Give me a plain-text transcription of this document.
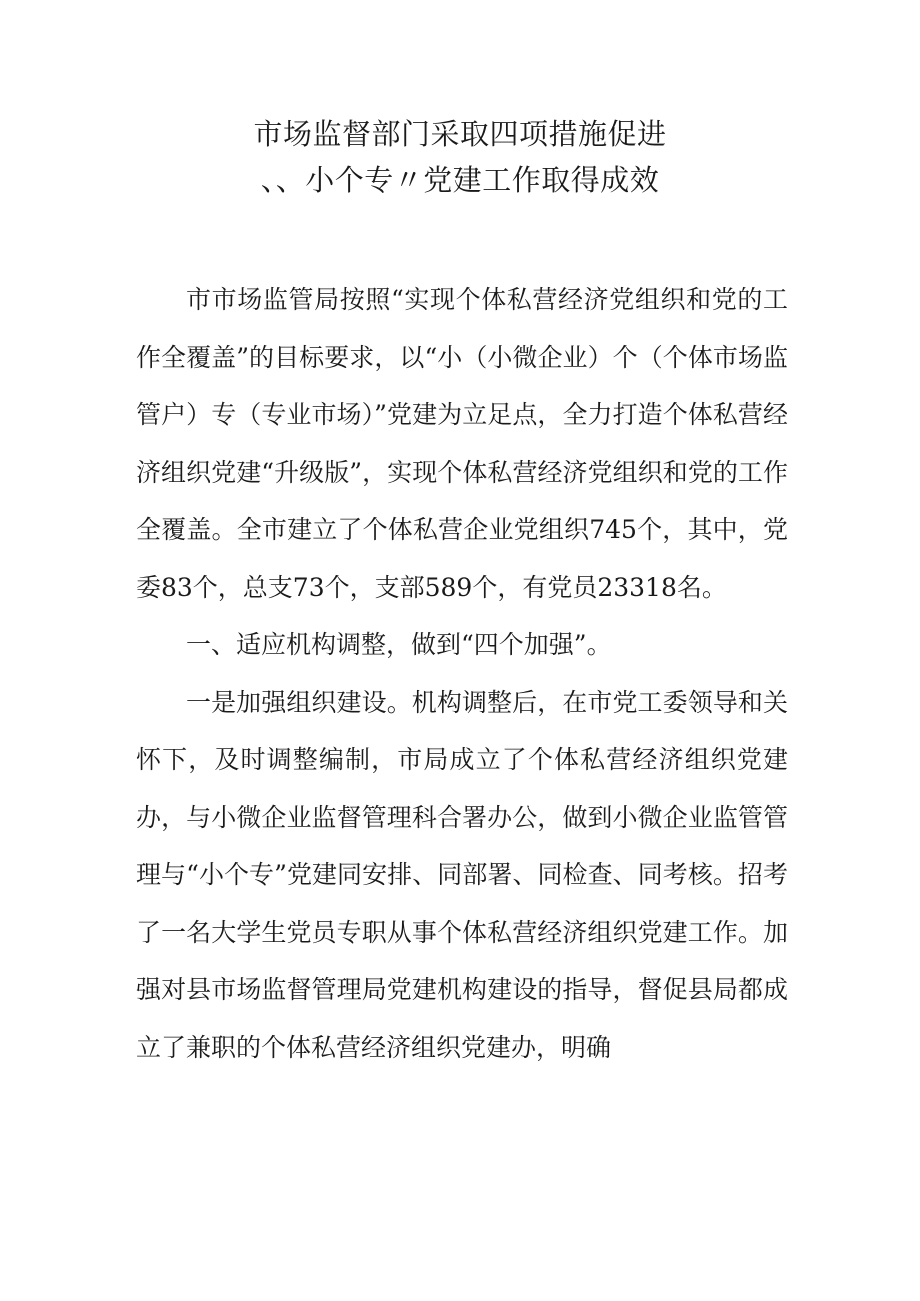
市场监督部门采取四项措施促进
、、小个专〃党建工作取得成效

市市场监管局按照“实现个体私营经济党组织和党的工作全覆盖”的目标要求，以“小（小微企业）个（个体市场监管户）专（专业市场）”党建为立足点，全力打造个体私营经济组织党建“升级版”，实现个体私营经济党组织和党的工作全覆盖。全市建立了个体私营企业党组织745个，其中，党委83个，总支73个，支部589个，有党员23318名。

一、适应机构调整，做到“四个加强”。

一是加强组织建设。机构调整后，在市党工委领导和关怀下，及时调整编制，市局成立了个体私营经济组织党建办，与小微企业监督管理科合署办公，做到小微企业监管管理与“小个专”党建同安排、同部署、同检查、同考核。招考了一名大学生党员专职从事个体私营经济组织党建工作。加强对县市场监督管理局党建机构建设的指导，督促县局都成立了兼职的个体私营经济组织党建办，明确
